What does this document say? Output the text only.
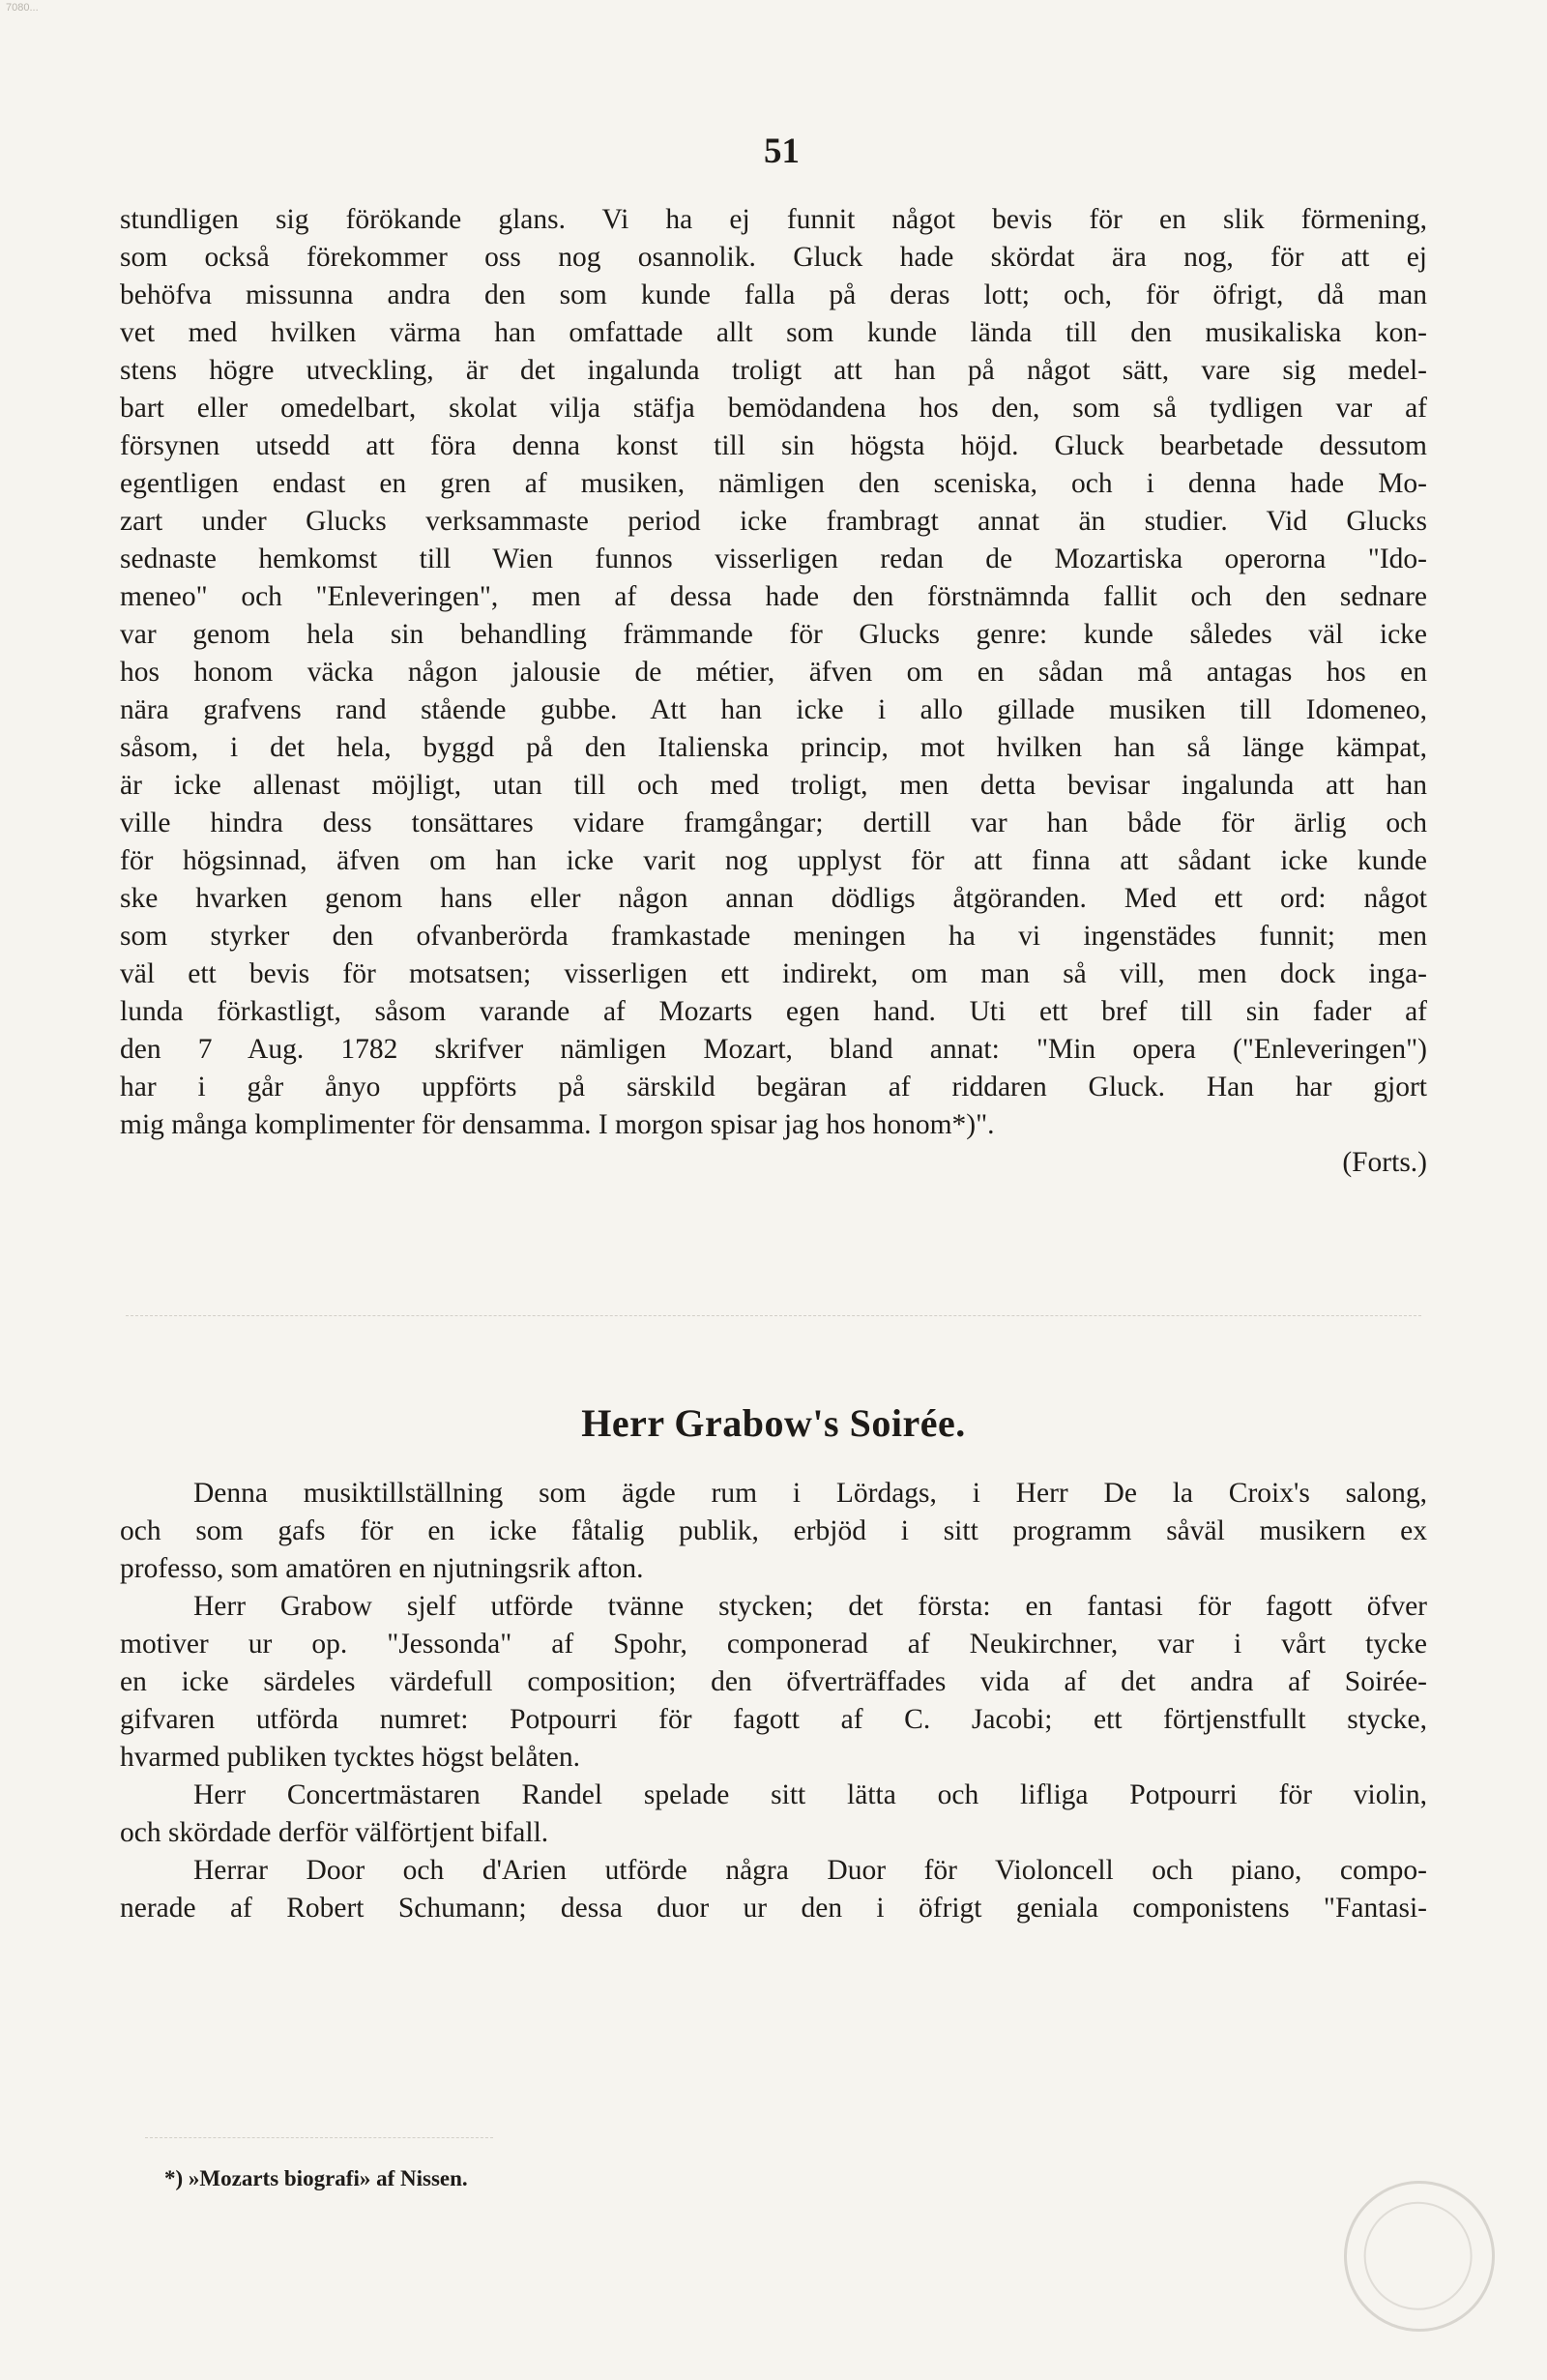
7080...
51
stundligen sig förökande glans. Vi ha ej funnit något bevis för en slik förmening,
som också förekommer oss nog osannolik. Gluck hade skördat ära nog, för att ej
behöfva missunna andra den som kunde falla på deras lott; och, för öfrigt, då man
vet med hvilken värma han omfattade allt som kunde lända till den musikaliska kon-
stens högre utveckling, är det ingalunda troligt att han på något sätt, vare sig medel-
bart eller omedelbart, skolat vilja stäfja bemödandena hos den, som så tydligen var af
försynen utsedd att föra denna konst till sin högsta höjd. Gluck bearbetade dessutom
egentligen endast en gren af musiken, nämligen den sceniska, och i denna hade Mo-
zart under Glucks verksammaste period icke frambragt annat än studier. Vid Glucks
sednaste hemkomst till Wien funnos visserligen redan de Mozartiska operorna "Ido-
meneo" och "Enleveringen", men af dessa hade den förstnämnda fallit och den sednare
var genom hela sin behandling främmande för Glucks genre: kunde således väl icke
hos honom väcka någon jalousie de métier, äfven om en sådan må antagas hos en
nära grafvens rand stående gubbe. Att han icke i allo gillade musiken till Idomeneo,
såsom, i det hela, byggd på den Italienska princip, mot hvilken han så länge kämpat,
är icke allenast möjligt, utan till och med troligt, men detta bevisar ingalunda att han
ville hindra dess tonsättares vidare framgångar; dertill var han både för ärlig och
för högsinnad, äfven om han icke varit nog upplyst för att finna att sådant icke kunde
ske hvarken genom hans eller någon annan dödligs åtgöranden. Med ett ord: något
som styrker den ofvanberörda framkastade meningen ha vi ingenstädes funnit; men
väl ett bevis för motsatsen; visserligen ett indirekt, om man så vill, men dock inga-
lunda förkastligt, såsom varande af Mozarts egen hand. Uti ett bref till sin fader af
den 7 Aug. 1782 skrifver nämligen Mozart, bland annat: "Min opera ("Enleveringen")
har i går ånyo uppförts på särskild begäran af riddaren Gluck. Han har gjort
mig många komplimenter för densamma. I morgon spisar jag hos honom*)".
(Forts.)
Herr Grabow's Soirée.
Denna musiktillställning som ägde rum i Lördags, i Herr De la Croix's salong,
och som gafs för en icke fåtalig publik, erbjöd i sitt programm såväl musikern ex
professo, som amatören en njutningsrik afton.
Herr Grabow sjelf utförde tvänne stycken; det första: en fantasi för fagott öfver
motiver ur op. "Jessonda" af Spohr, componerad af Neukirchner, var i vårt tycke
en icke särdeles värdefull composition; den öfverträffades vida af det andra af Soirée-
gifvaren utförda numret: Potpourri för fagott af C. Jacobi; ett förtjenstfullt stycke,
hvarmed publiken tycktes högst belåten.
Herr Concertmästaren Randel spelade sitt lätta och lifliga Potpourri för violin,
och skördade derför välförtjent bifall.
Herrar Door och d'Arien utförde några Duor för Violoncell och piano, compo-
nerade af Robert Schumann; dessa duor ur den i öfrigt geniala componistens "Fantasi-
*) »Mozarts biografi» af Nissen.
